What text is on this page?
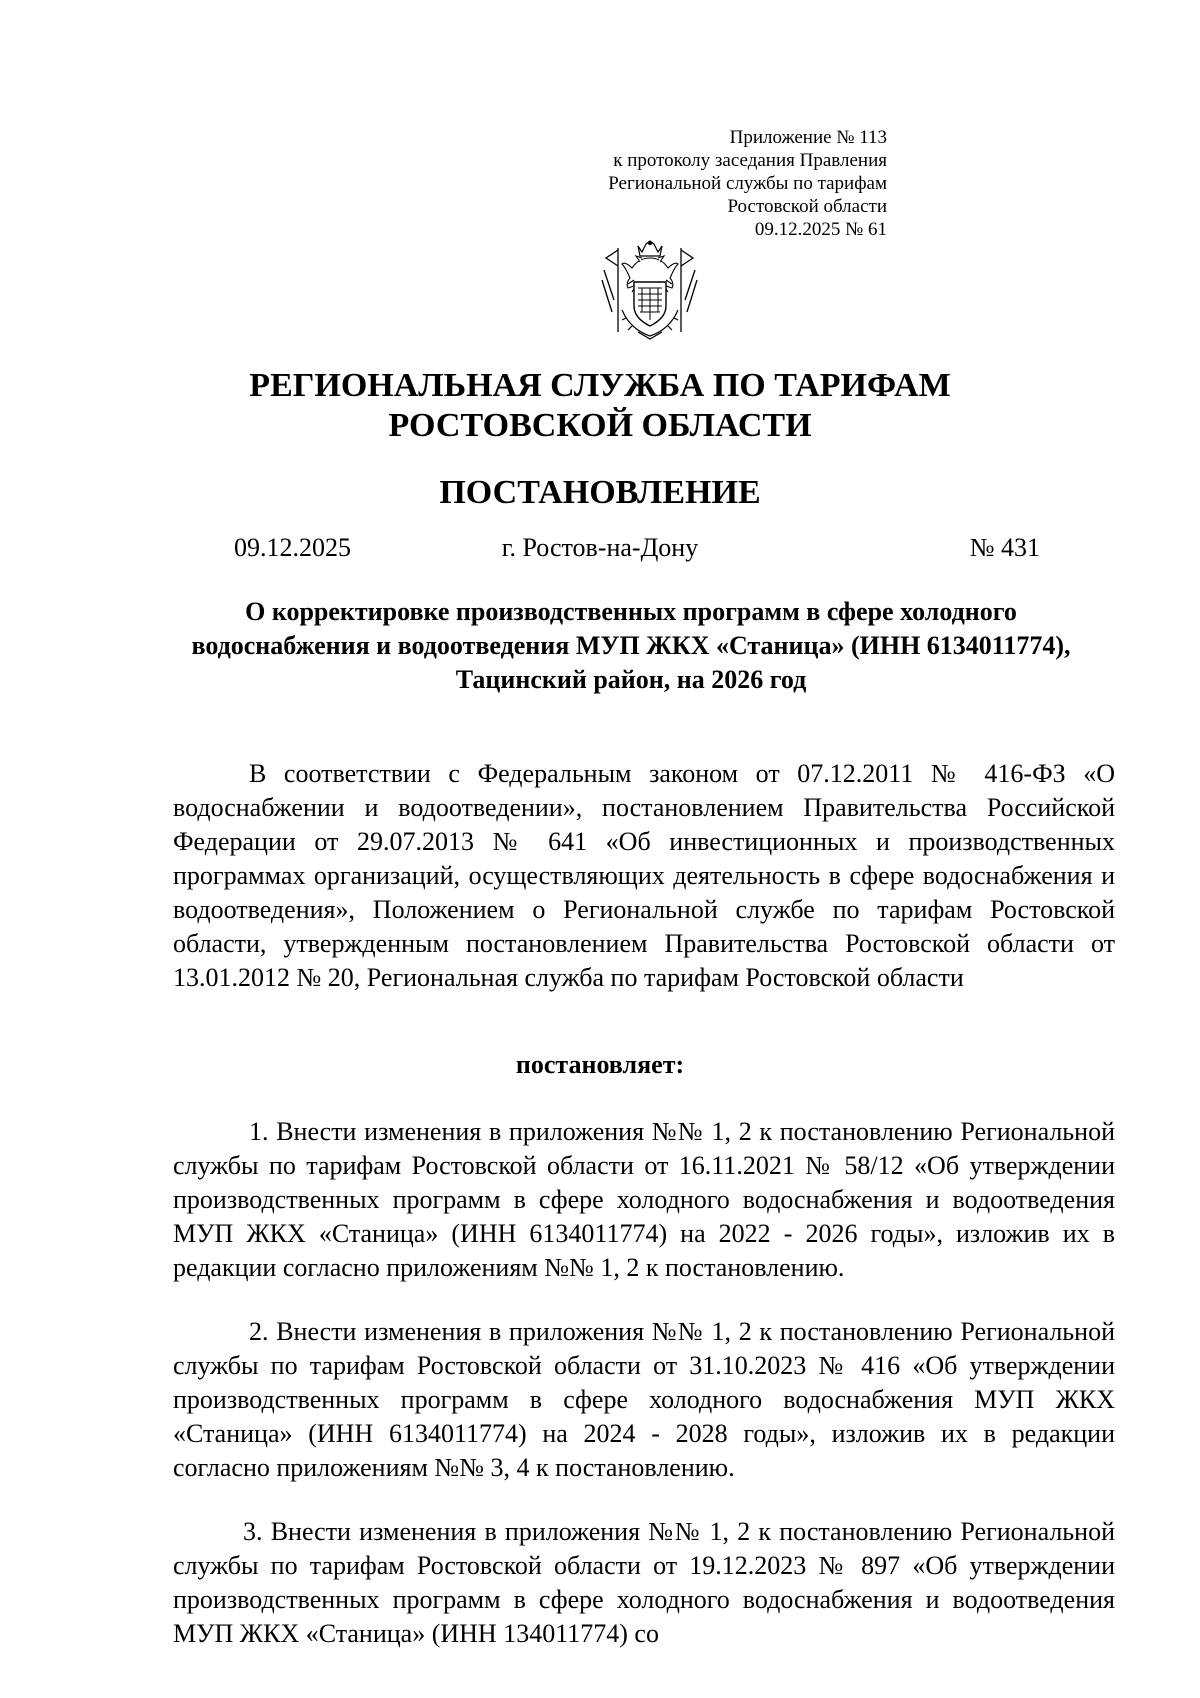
Приложение № 113
к протоколу заседания Правления
Региональной службы по тарифам
Ростовской области
09.12.2025 № 61
РЕГИОНАЛЬНАЯ СЛУЖБА ПО ТАРИФАМ
РОСТОВСКОЙ ОБЛАСТИ
ПОСТАНОВЛЕНИЕ
г. Ростов-на-Дону
09.12.2025	№ 431
О корректировке производственных программ в сфере холодного водоснабжения и водоотведения МУП ЖКХ «Станица» (ИНН 6134011774), Тацинский район, на 2026 год
В соответствии с Федеральным законом от 07.12.2011 № 416-ФЗ «О водоснабжении и водоотведении», постановлением Правительства Российской Федерации от 29.07.2013 № 641 «Об инвестиционных и производственных программах организаций, осуществляющих деятельность в сфере водоснабжения и водоотведения», Положением о Региональной службе по тарифам Ростовской области, утвержденным постановлением Правительства Ростовской области от 13.01.2012 № 20, Региональная служба по тарифам Ростовской области
постановляет:
1. Внести изменения в приложения №№ 1, 2 к постановлению Региональной службы по тарифам Ростовской области от 16.11.2021 № 58/12 «Об утверждении производственных программ в сфере холодного водоснабжения и водоотведения МУП ЖКХ «Станица» (ИНН 6134011774) на 2022 - 2026 годы», изложив их в редакции согласно приложениям №№ 1, 2 к постановлению.
2. Внести изменения в приложения №№ 1, 2 к постановлению Региональной службы по тарифам Ростовской области от 31.10.2023 № 416 «Об утверждении производственных программ в сфере холодного водоснабжения МУП ЖКХ «Станица» (ИНН 6134011774) на 2024 - 2028 годы», изложив их в редакции согласно приложениям №№ 3, 4 к постановлению.
3. Внести изменения в приложения №№ 1, 2 к постановлению Региональной службы по тарифам Ростовской области от 19.12.2023 № 897 «Об утверждении производственных программ в сфере холодного водоснабжения и водоотведения МУП ЖКХ «Станица» (ИНН 134011774) со
